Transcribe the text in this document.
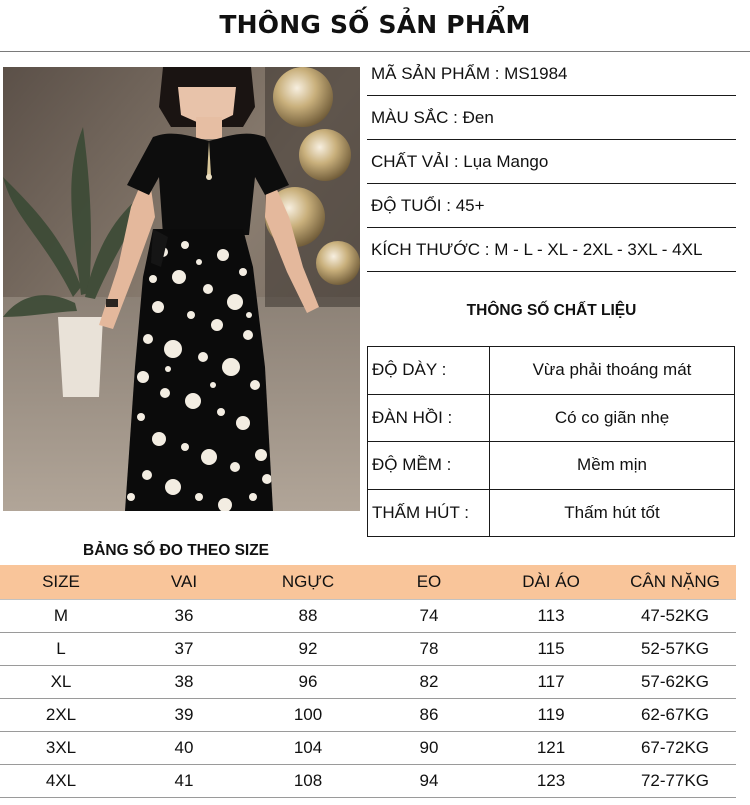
THÔNG SỐ SẢN PHẨM
MÃ SẢN PHẨM : MS1984
MÀU SẮC : Đen
CHẤT VẢI : Lụa Mango
ĐỘ TUỔI : 45+
KÍCH THƯỚC : M - L - XL - 2XL - 3XL - 4XL
THÔNG SỐ CHẤT LIỆU
ĐỘ DÀY :	Vừa phải thoáng mát
ĐÀN HỒI :	Có co giãn nhẹ
ĐỘ MỀM :	Mềm mịn
THẤM HÚT :	Thấm hút tốt
BẢNG SỐ ĐO THEO SIZE
SIZE	VAI	NGỰC	EO	DÀI ÁO	CÂN NẶNG
M	36	88	74	113	47-52KG
L	37	92	78	115	52-57KG
XL	38	96	82	117	57-62KG
2XL	39	100	86	119	62-67KG
3XL	40	104	90	121	67-72KG
4XL	41	108	94	123	72-77KG
